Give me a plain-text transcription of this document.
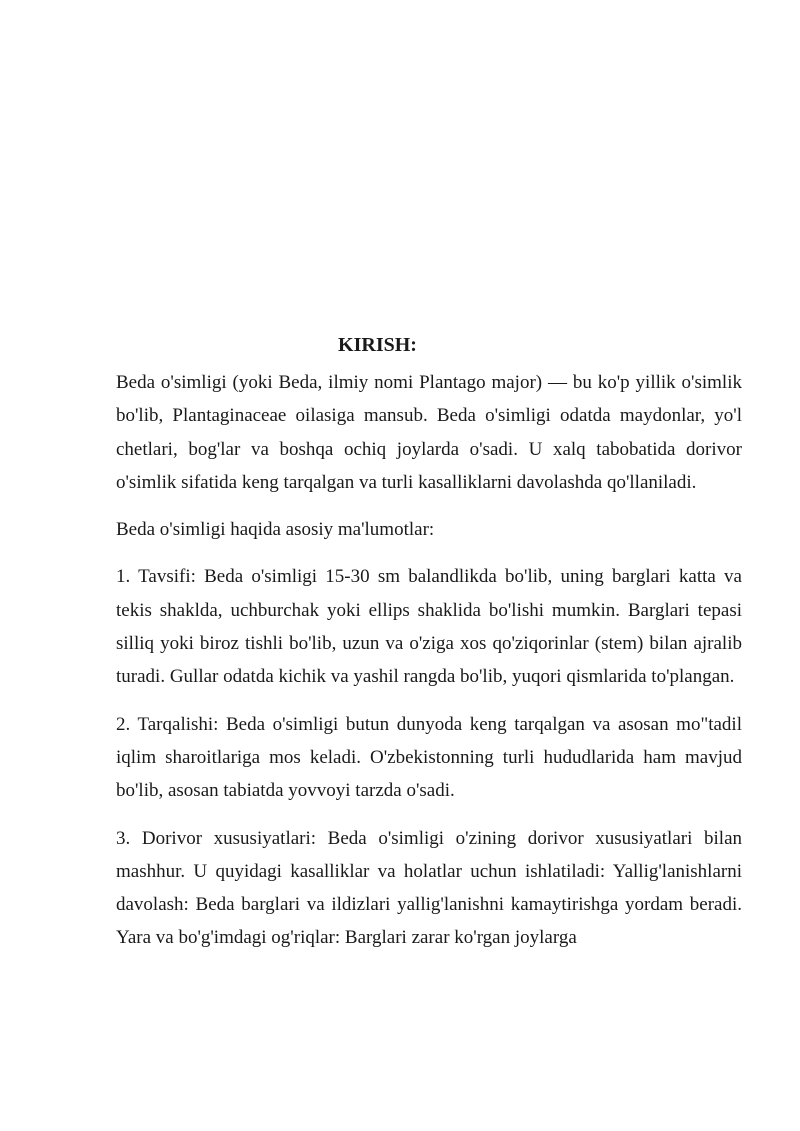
KIRISH:

Beda o'simligi (yoki Beda, ilmiy nomi Plantago major) — bu ko'p yillik o'simlik bo'lib, Plantaginaceae oilasiga mansub. Beda o'simligi odatda maydonlar, yo'l chetlari, bog'lar va boshqa ochiq joylarda o'sadi. U xalq tabobatida dorivor o'simlik sifatida keng tarqalgan va turli kasalliklarni davolashda qo'llaniladi.

Beda o'simligi haqida asosiy ma'lumotlar:

1. Tavsifi: Beda o'simligi 15-30 sm balandlikda bo'lib, uning barglari katta va tekis shaklda, uchburchak yoki ellips shaklida bo'lishi mumkin. Barglari tepasi silliq yoki biroz tishli bo'lib, uzun va o'ziga xos qo'ziqorinlar (stem) bilan ajralib turadi. Gullar odatda kichik va yashil rangda bo'lib, yuqori qismlarida to'plangan.

2. Tarqalishi: Beda o'simligi butun dunyoda keng tarqalgan va asosan mo"tadil iqlim sharoitlariga mos keladi. O'zbekistonning turli hududlarida ham mavjud bo'lib, asosan tabiatda yovvoyi tarzda o'sadi.

3. Dorivor xususiyatlari: Beda o'simligi o'zining dorivor xususiyatlari bilan mashhur. U quyidagi kasalliklar va holatlar uchun ishlatiladi: Yallig'lanishlarni davolash: Beda barglari va ildizlari yallig'lanishni kamaytirishga yordam beradi. Yara va bo'g'imdagi og'riqlar: Barglari zarar ko'rgan joylarga
